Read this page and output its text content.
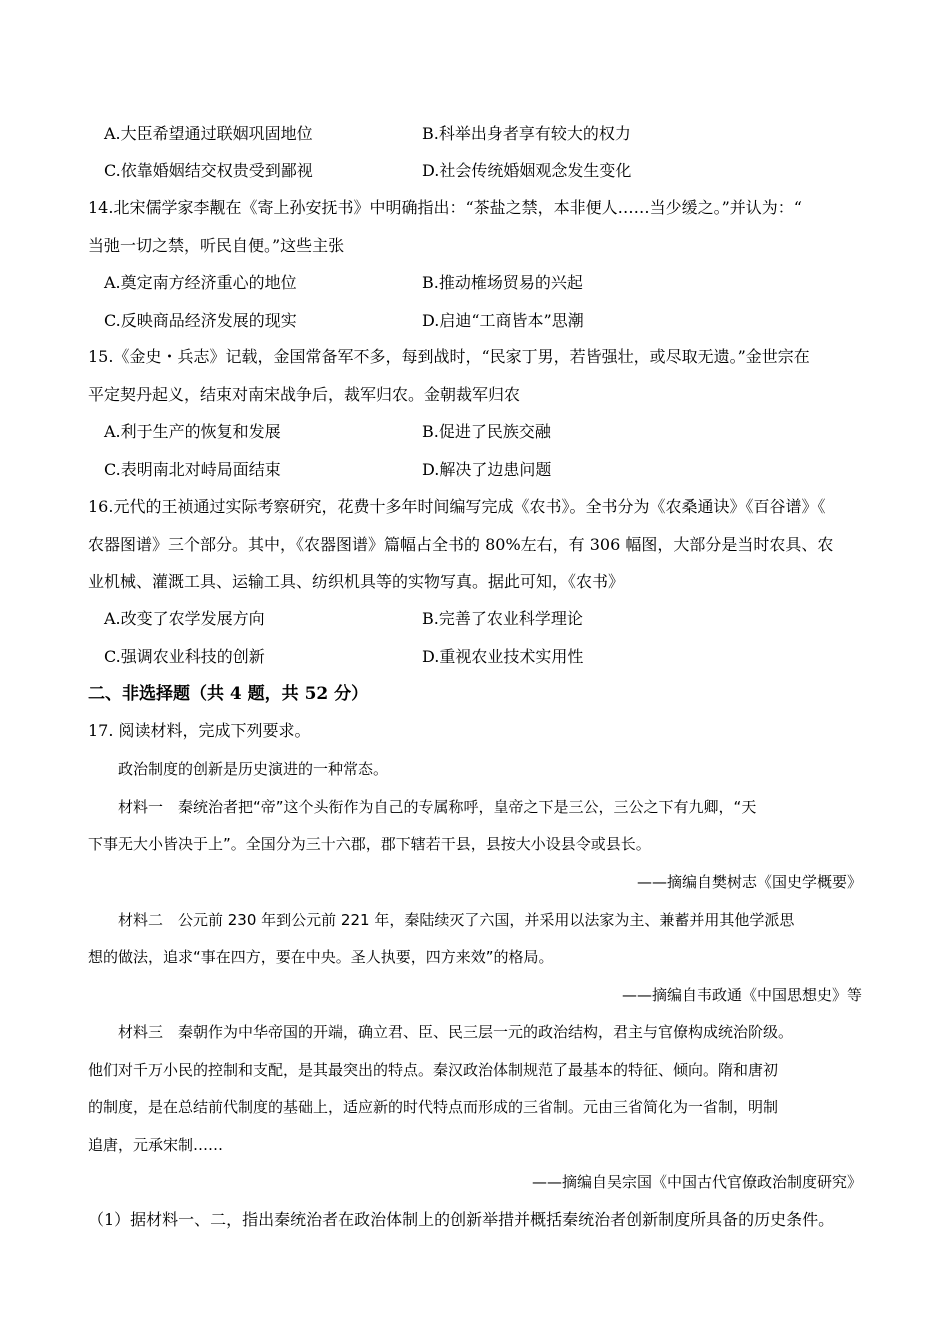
A.大臣希望通过联姻巩固地位	B.科举出身者享有较大的权力
C.依靠婚姻结交权贵受到鄙视	D.社会传统婚姻观念发生变化
14.北宋儒学家李觏在《寄上孙安抚书》中明确指出：“茶盐之禁，本非便人……当少缓之。”并认为：“
当弛一切之禁，听民自便。”这些主张
A.奠定南方经济重心的地位	B.推动榷场贸易的兴起
C.反映商品经济发展的现实	D.启迪“工商皆本”思潮
15.《金史・兵志》记载，金国常备军不多，每到战时，“民家丁男，若皆强壮，或尽取无遗。”金世宗在
平定契丹起义，结束对南宋战争后，裁军归农。金朝裁军归农
A.利于生产的恢复和发展	B.促进了民族交融
C.表明南北对峙局面结束	D.解决了边患问题
16.元代的王祯通过实际考察研究，花费十多年时间编写完成《农书》。全书分为《农桑通诀》《百谷谱》《
农器图谱》三个部分。其中，《农器图谱》篇幅占全书的 80%左右，有 306 幅图，大部分是当时农具、农
业机械、灌溉工具、运输工具、纺织机具等的实物写真。据此可知，《农书》
A.改变了农学发展方向	B.完善了农业科学理论
C.强调农业科技的创新	D.重视农业技术实用性
二、非选择题（共 4 题，共 52 分）
17. 阅读材料，完成下列要求。
政治制度的创新是历史演进的一种常态。
材料一　秦统治者把“帝”这个头衔作为自己的专属称呼，皇帝之下是三公，三公之下有九卿，“天
下事无大小皆决于上”。全国分为三十六郡，郡下辖若干县，县按大小设县令或县长。
——摘编自樊树志《国史学概要》
材料二　公元前 230 年到公元前 221 年，秦陆续灭了六国，并采用以法家为主、兼蓄并用其他学派思
想的做法，追求“事在四方，要在中央。圣人执要，四方来效”的格局。
——摘编自韦政通《中国思想史》等
材料三　秦朝作为中华帝国的开端，确立君、臣、民三层一元的政治结构，君主与官僚构成统治阶级。
他们对千万小民的控制和支配，是其最突出的特点。秦汉政治体制规范了最基本的特征、倾向。隋和唐初
的制度，是在总结前代制度的基础上，适应新的时代特点而形成的三省制。元由三省简化为一省制，明制
追唐，元承宋制……
——摘编自吴宗国《中国古代官僚政治制度研究》
（1）据材料一、二，指出秦统治者在政治体制上的创新举措并概括秦统治者创新制度所具备的历史条件。
